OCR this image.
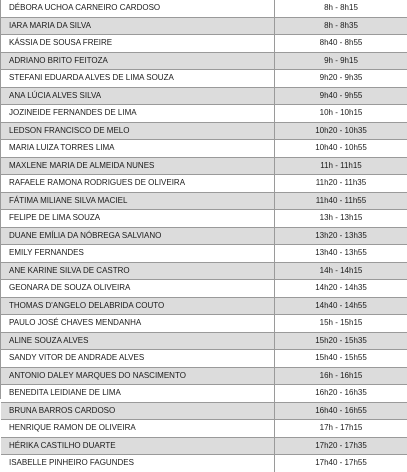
DÉBORA UCHOA CARNEIRO CARDOSO	8h - 8h15
IARA MARIA DA SILVA	8h - 8h35
KÁSSIA DE SOUSA FREIRE	8h40 - 8h55
ADRIANO BRITO FEITOZA	9h - 9h15
STEFANI EDUARDA ALVES DE LIMA SOUZA	9h20 - 9h35
ANA LÚCIA ALVES SILVA	9h40 - 9h55
JOZINEIDE FERNANDES DE LIMA	10h - 10h15
LEDSON FRANCISCO DE MELO	10h20 - 10h35
MARIA LUIZA TORRES LIMA	10h40 - 10h55
MAXLENE MARIA DE ALMEIDA NUNES	11h - 11h15
RAFAELE RAMONA RODRIGUES DE OLIVEIRA	11h20 - 11h35
FÁTIMA MILIANE SILVA MACIEL	11h40 - 11h55
FELIPE DE LIMA SOUZA	13h - 13h15
DUANE EMÍLIA DA NÓBREGA SALVIANO	13h20 - 13h35
EMILY FERNANDES	13h40 - 13h55
ANE KARINE SILVA DE CASTRO	14h - 14h15
GEONARA DE SOUZA OLIVEIRA	14h20 - 14h35
THOMAS D'ANGELO DELABRIDA COUTO	14h40 - 14h55
PAULO JOSÉ CHAVES MENDANHA	15h - 15h15
ALINE SOUZA ALVES	15h20 - 15h35
SANDY VITOR DE ANDRADE ALVES	15h40 - 15h55
ANTONIO DALEY MARQUES DO NASCIMENTO	16h - 16h15
BENEDITA LEIDIANE DE LIMA	16h20 - 16h35
BRUNA BARROS CARDOSO	16h40 - 16h55
HENRIQUE RAMON DE OLIVEIRA	17h - 17h15
HÉRIKA CASTILHO DUARTE	17h20 - 17h35
ISABELLE PINHEIRO FAGUNDES	17h40 - 17h55
